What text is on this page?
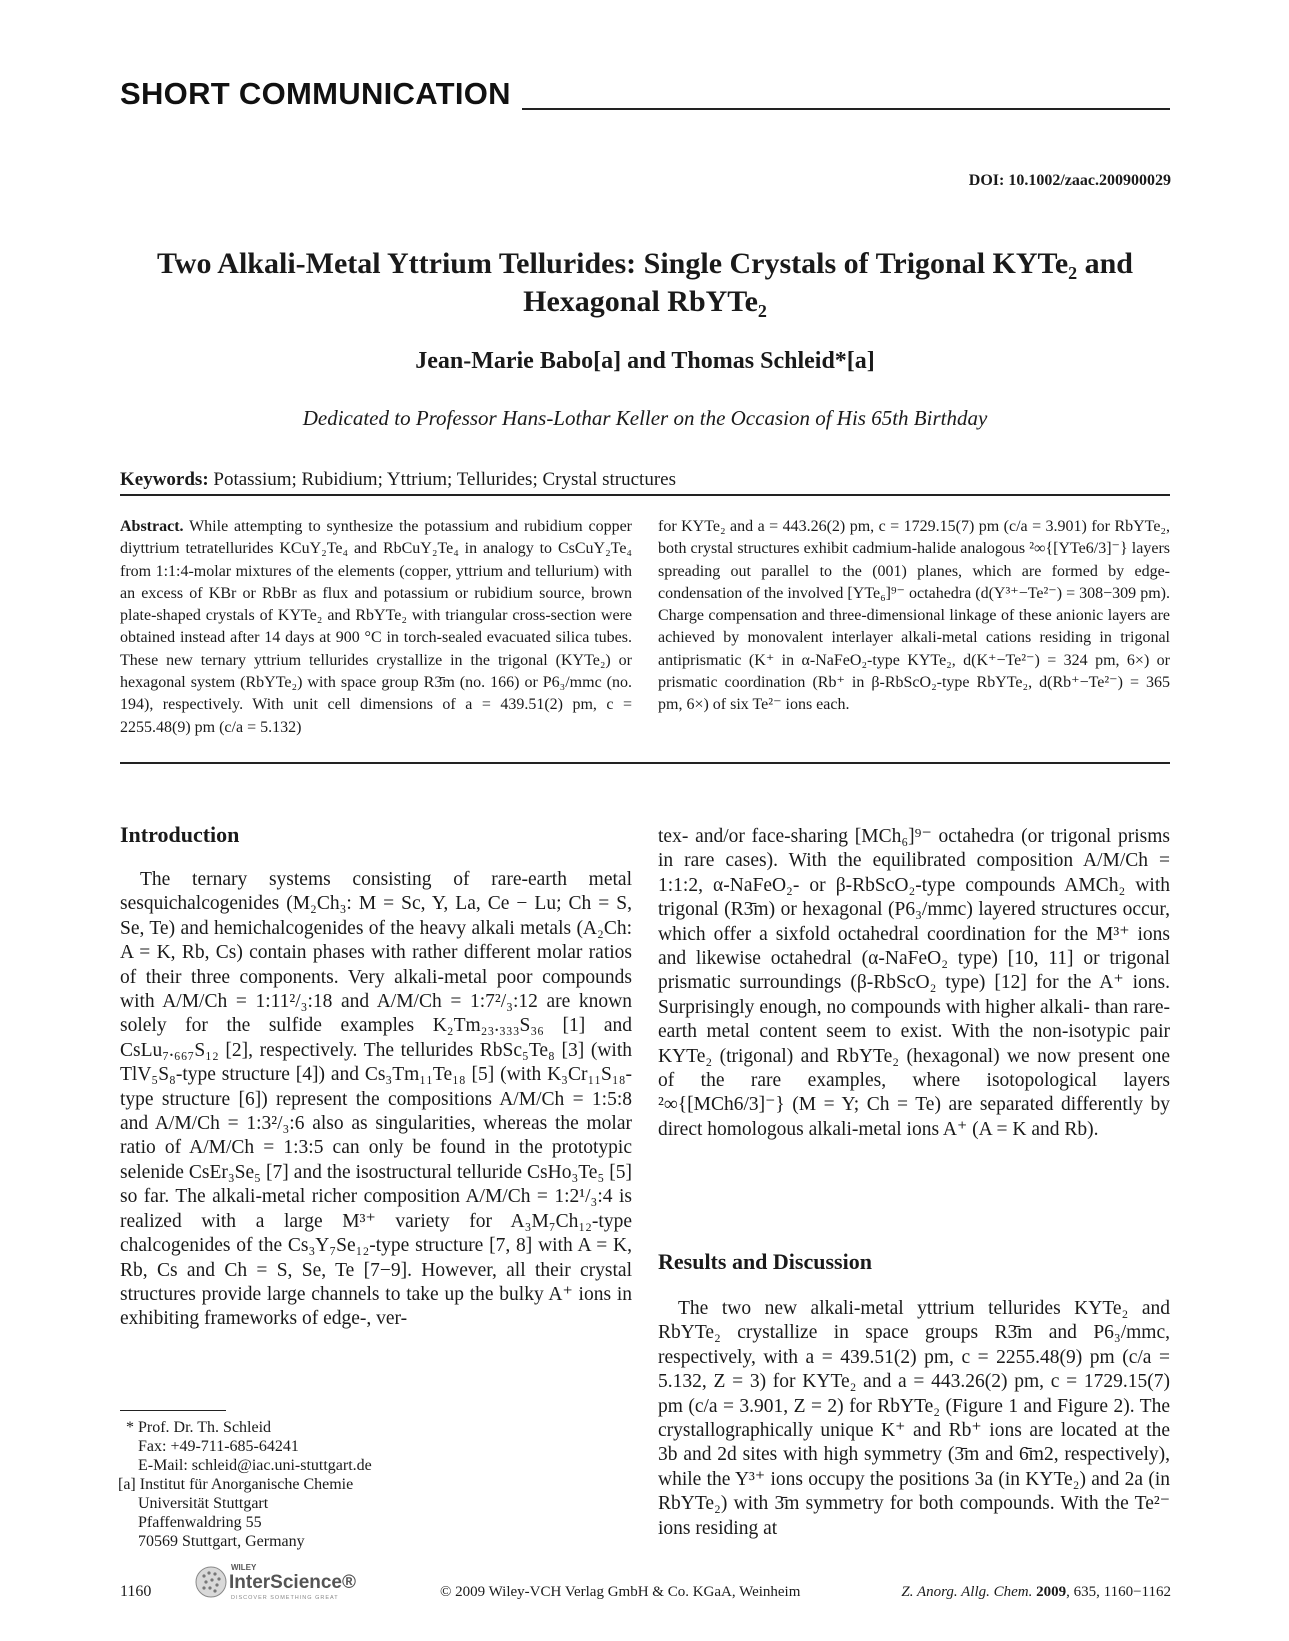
SHORT COMMUNICATION
DOI: 10.1002/zaac.200900029
Two Alkali-Metal Yttrium Tellurides: Single Crystals of Trigonal KYTe₂ and
Hexagonal RbYTe₂
Jean-Marie Babo[a] and Thomas Schleid*[a]
Dedicated to Professor Hans-Lothar Keller on the Occasion of His 65th Birthday
Keywords: Potassium; Rubidium; Yttrium; Tellurides; Crystal structures
Abstract. While attempting to synthesize the potassium and rubidium copper diyttrium tetratellurides KCuY₂Te₄ and RbCuY₂Te₄ in analogy to CsCuY₂Te₄ from 1:1:4-molar mixtures of the elements (copper, yttrium and tellurium) with an excess of KBr or RbBr as flux and potassium or rubidium source, brown plate-shaped crystals of KYTe₂ and RbYTe₂ with triangular cross-section were obtained instead after 14 days at 900 °C in torch-sealed evacuated silica tubes. These new ternary yttrium tellurides crystallize in the trigonal (KYTe₂) or hexagonal system (RbYTe₂) with space group R3̄m (no. 166) or P6₃/mmc (no. 194), respectively. With unit cell dimensions of a = 439.51(2) pm, c = 2255.48(9) pm (c/a = 5.132)
for KYTe₂ and a = 443.26(2) pm, c = 1729.15(7) pm (c/a = 3.901) for RbYTe₂, both crystal structures exhibit cadmium-halide analogous ²∞{[YTe6/3]⁻} layers spreading out parallel to the (001) planes, which are formed by edge-condensation of the involved [YTe₆]⁹⁻ octahedra (d(Y³⁺−Te²⁻) = 308−309 pm). Charge compensation and three-dimensional linkage of these anionic layers are achieved by monovalent interlayer alkali-metal cations residing in trigonal antiprismatic (K⁺ in α-NaFeO₂-type KYTe₂, d(K⁺−Te²⁻) = 324 pm, 6×) or prismatic coordination (Rb⁺ in β-RbScO₂-type RbYTe₂, d(Rb⁺−Te²⁻) = 365 pm, 6×) of six Te²⁻ ions each.
Introduction
The ternary systems consisting of rare-earth metal sesquichalcogenides (M₂Ch₃: M = Sc, Y, La, Ce − Lu; Ch = S, Se, Te) and hemichalcogenides of the heavy alkali metals (A₂Ch: A = K, Rb, Cs) contain phases with rather different molar ratios of their three components. Very alkali-metal poor compounds with A/M/Ch = 1:11²/₃:18 and A/M/Ch = 1:7²/₃:12 are known solely for the sulfide examples K₂Tm₂₃.₃₃₃S₃₆ [1] and CsLu₇.₆₆₇S₁₂ [2], respectively. The tellurides RbSc₅Te₈ [3] (with TlV₅S₈-type structure [4]) and Cs₃Tm₁₁Te₁₈ [5] (with K₃Cr₁₁S₁₈-type structure [6]) represent the compositions A/M/Ch = 1:5:8 and A/M/Ch = 1:3²/₃:6 also as singularities, whereas the molar ratio of A/M/Ch = 1:3:5 can only be found in the prototypic selenide CsEr₃Se₅ [7] and the isostructural telluride CsHo₃Te₅ [5] so far. The alkali-metal richer composition A/M/Ch = 1:2¹/₃:4 is realized with a large M³⁺ variety for A₃M₇Ch₁₂-type chalcogenides of the Cs₃Y₇Se₁₂-type structure [7, 8] with A = K, Rb, Cs and Ch = S, Se, Te [7−9]. However, all their crystal structures provide large channels to take up the bulky A⁺ ions in exhibiting frameworks of edge-, ver-
tex- and/or face-sharing [MCh₆]⁹⁻ octahedra (or trigonal prisms in rare cases). With the equilibrated composition A/M/Ch = 1:1:2, α-NaFeO₂- or β-RbScO₂-type compounds AMCh₂ with trigonal (R3̄m) or hexagonal (P6₃/mmc) layered structures occur, which offer a sixfold octahedral coordination for the M³⁺ ions and likewise octahedral (α-NaFeO₂ type) [10, 11] or trigonal prismatic surroundings (β-RbScO₂ type) [12] for the A⁺ ions. Surprisingly enough, no compounds with higher alkali- than rare-earth metal content seem to exist. With the non-isotypic pair KYTe₂ (trigonal) and RbYTe₂ (hexagonal) we now present one of the rare examples, where isotopological layers ²∞{[MCh6/3]⁻} (M = Y; Ch = Te) are separated differently by direct homologous alkali-metal ions A⁺ (A = K and Rb).
Results and Discussion
The two new alkali-metal yttrium tellurides KYTe₂ and RbYTe₂ crystallize in space groups R3̄m and P6₃/mmc, respectively, with a = 439.51(2) pm, c = 2255.48(9) pm (c/a = 5.132, Z = 3) for KYTe₂ and a = 443.26(2) pm, c = 1729.15(7) pm (c/a = 3.901, Z = 2) for RbYTe₂ (Figure 1 and Figure 2). The crystallographically unique K⁺ and Rb⁺ ions are located at the 3b and 2d sites with high symmetry (3̄m and 6̄m2, respectively), while the Y³⁺ ions occupy the positions 3a (in KYTe₂) and 2a (in RbYTe₂) with 3̄m symmetry for both compounds. With the Te²⁻ ions residing at
* Prof. Dr. Th. Schleid
Fax: +49-711-685-64241
E-Mail: schleid@iac.uni-stuttgart.de
[a] Institut für Anorganische Chemie
Universität Stuttgart
Pfaffenwaldring 55
70569 Stuttgart, Germany
1160
WILEY
InterScience®
DISCOVER SOMETHING GREAT	© 2009 Wiley-VCH Verlag GmbH & Co. KGaA, Weinheim	Z. Anorg. Allg. Chem. 2009, 635, 1160−1162
